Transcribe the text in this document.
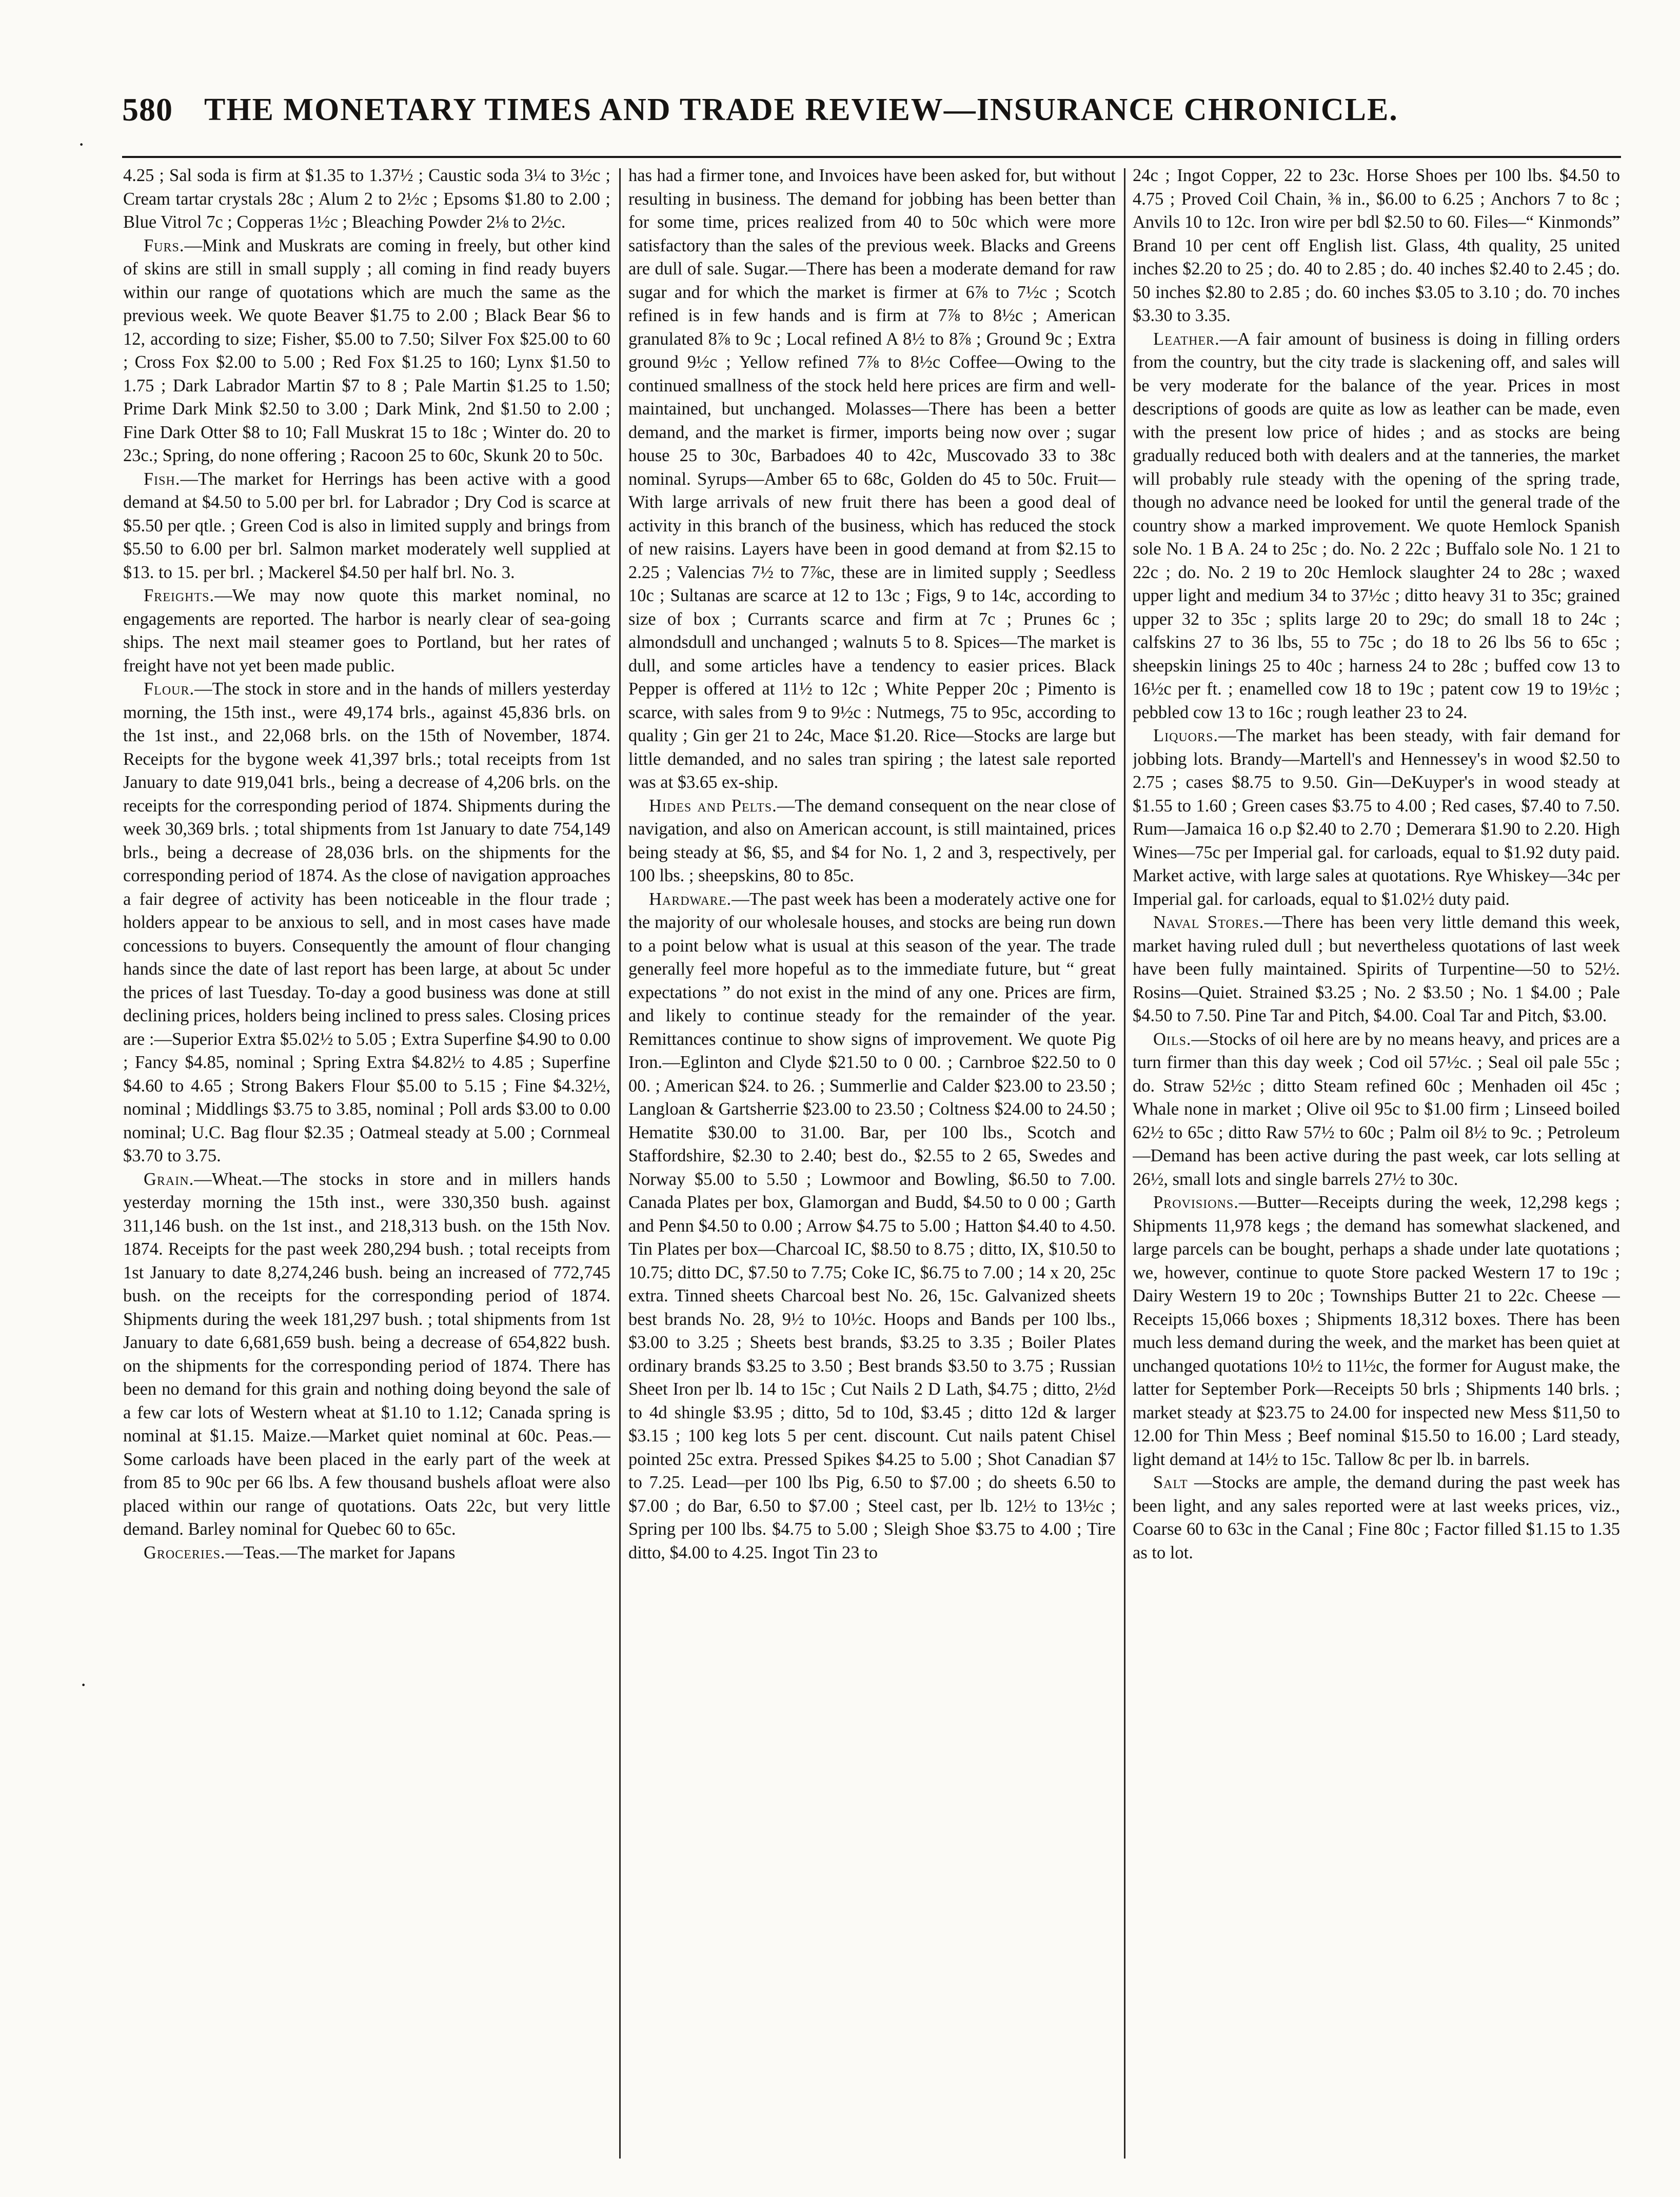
580 THE MONETARY TIMES AND TRADE REVIEW—INSURANCE CHRONICLE.
·
·

4.25 ; Sal soda is firm at $1.35 to 1.37½ ; Caustic soda 3¼ to 3½c ; Cream tartar crystals 28c ; Alum 2 to 2½c ; Epsoms $1.80 to 2.00 ; Blue Vitrol 7c ; Copperas 1½c ; Bleaching Powder 2⅛ to 2½c.

Furs.—Mink and Muskrats are coming in freely, but other kind of skins are still in small supply ; all coming in find ready buyers within our range of quotations which are much the same as the previous week. We quote Beaver $1.75 to 2.00 ; Black Bear $6 to 12, according to size; Fisher, $5.00 to 7.50; Silver Fox $25.00 to 60 ; Cross Fox $2.00 to 5.00 ; Red Fox $1.25 to 160; Lynx $1.50 to 1.75 ; Dark Labrador Martin $7 to 8 ; Pale Martin $1.25 to 1.50; Prime Dark Mink $2.50 to 3.00 ; Dark Mink, 2nd $1.50 to 2.00 ; Fine Dark Otter $8 to 10; Fall Muskrat 15 to 18c ; Winter do. 20 to 23c.; Spring, do none offering ; Racoon 25 to 60c, Skunk 20 to 50c.

Fish.—The market for Herrings has been active with a good demand at $4.50 to 5.00 per brl. for Labrador ; Dry Cod is scarce at $5.50 per qtle. ; Green Cod is also in limited supply and brings from $5.50 to 6.00 per brl. Salmon market moderately well supplied at $13. to 15. per brl. ; Mackerel $4.50 per half brl. No. 3.

Freights.—We may now quote this market nominal, no engagements are reported. The harbor is nearly clear of sea-going ships. The next mail steamer goes to Portland, but her rates of freight have not yet been made public.

Flour.—The stock in store and in the hands of millers yesterday morning, the 15th inst., were 49,174 brls., against 45,836 brls. on the 1st inst., and 22,068 brls. on the 15th of November, 1874. Receipts for the bygone week 41,397 brls.; total receipts from 1st January to date 919,041 brls., being a decrease of 4,206 brls. on the receipts for the corresponding period of 1874. Shipments during the week 30,369 brls. ; total shipments from 1st January to date 754,149 brls., being a decrease of 28,036 brls. on the shipments for the corresponding period of 1874. As the close of navigation approaches a fair degree of activity has been noticeable in the flour trade ; holders appear to be anxious to sell, and in most cases have made concessions to buyers. Consequently the amount of flour changing hands since the date of last report has been large, at about 5c under the prices of last Tuesday. To-day a good business was done at still declining prices, holders being inclined to press sales. Closing prices are :—Superior Extra $5.02½ to 5.05 ; Extra Superfine $4.90 to 0.00 ; Fancy $4.85, nominal ; Spring Extra $4.82½ to 4.85 ; Superfine $4.60 to 4.65 ; Strong Bakers Flour $5.00 to 5.15 ; Fine $4.32½, nominal ; Middlings $3.75 to 3.85, nominal ; Poll ards $3.00 to 0.00 nominal; U.C. Bag flour $2.35 ; Oatmeal steady at 5.00 ; Cornmeal $3.70 to 3.75.

Grain.—Wheat.—The stocks in store and in millers hands yesterday morning the 15th inst., were 330,350 bush. against 311,146 bush. on the 1st inst., and 218,313 bush. on the 15th Nov. 1874. Receipts for the past week 280,294 bush. ; total receipts from 1st January to date 8,274,246 bush. being an increased of 772,745 bush. on the receipts for the corresponding period of 1874. Shipments during the week 181,297 bush. ; total shipments from 1st January to date 6,681,659 bush. being a decrease of 654,822 bush. on the shipments for the corresponding period of 1874. There has been no demand for this grain and nothing doing beyond the sale of a few car lots of Western wheat at $1.10 to 1.12; Canada spring is nominal at $1.15. Maize.—Market quiet nominal at 60c. Peas.—Some carloads have been placed in the early part of the week at from 85 to 90c per 66 lbs. A few thousand bushels afloat were also placed within our range of quotations. Oats 22c, but very little demand. Barley nominal for Quebec 60 to 65c.

Groceries.—Teas.—The market for Japans

has had a firmer tone, and Invoices have been asked for, but without resulting in business. The demand for jobbing has been better than for some time, prices realized from 40 to 50c which were more satisfactory than the sales of the previous week. Blacks and Greens are dull of sale. Sugar.—There has been a moderate demand for raw sugar and for which the market is firmer at 6⅞ to 7½c ; Scotch refined is in few hands and is firm at 7⅞ to 8½c ; American granulated 8⅞ to 9c ; Local refined A 8½ to 8⅞ ; Ground 9c ; Extra ground 9½c ; Yellow refined 7⅞ to 8½c Coffee—Owing to the continued smallness of the stock held here prices are firm and well-maintained, but unchanged. Molasses—There has been a better demand, and the market is firmer, imports being now over ; sugar house 25 to 30c, Barbadoes 40 to 42c, Muscovado 33 to 38c nominal. Syrups—Amber 65 to 68c, Golden do 45 to 50c. Fruit—With large arrivals of new fruit there has been a good deal of activity in this branch of the business, which has reduced the stock of new raisins. Layers have been in good demand at from $2.15 to 2.25 ; Valencias 7½ to 7⅞c, these are in limited supply ; Seedless 10c ; Sultanas are scarce at 12 to 13c ; Figs, 9 to 14c, according to size of box ; Currants scarce and firm at 7c ; Prunes 6c ; almondsdull and unchanged ; walnuts 5 to 8. Spices—The market is dull, and some articles have a tendency to easier prices. Black Pepper is offered at 11½ to 12c ; White Pepper 20c ; Pimento is scarce, with sales from 9 to 9½c : Nutmegs, 75 to 95c, according to quality ; Gin ger 21 to 24c, Mace $1.20. Rice—Stocks are large but little demanded, and no sales tran spiring ; the latest sale reported was at $3.65 ex-ship.

Hides and Pelts.—The demand consequent on the near close of navigation, and also on American account, is still maintained, prices being steady at $6, $5, and $4 for No. 1, 2 and 3, respectively, per 100 lbs. ; sheepskins, 80 to 85c.

Hardware.—The past week has been a moderately active one for the majority of our wholesale houses, and stocks are being run down to a point below what is usual at this season of the year. The trade generally feel more hopeful as to the immediate future, but “ great expectations ” do not exist in the mind of any one. Prices are firm, and likely to continue steady for the remainder of the year. Remittances continue to show signs of improvement. We quote Pig Iron.—Eglinton and Clyde $21.50 to 0 00. ; Carnbroe $22.50 to 0 00. ; American $24. to 26. ; Summerlie and Calder $23.00 to 23.50 ; Langloan & Gartsherrie $23.00 to 23.50 ; Coltness $24.00 to 24.50 ; Hematite $30.00 to 31.00. Bar, per 100 lbs., Scotch and Staffordshire, $2.30 to 2.40; best do., $2.55 to 2 65, Swedes and Norway $5.00 to 5.50 ; Lowmoor and Bowling, $6.50 to 7.00. Canada Plates per box, Glamorgan and Budd, $4.50 to 0 00 ; Garth and Penn $4.50 to 0.00 ; Arrow $4.75 to 5.00 ; Hatton $4.40 to 4.50. Tin Plates per box—Charcoal IC, $8.50 to 8.75 ; ditto, IX, $10.50 to 10.75; ditto DC, $7.50 to 7.75; Coke IC, $6.75 to 7.00 ; 14 x 20, 25c extra. Tinned sheets Charcoal best No. 26, 15c. Galvanized sheets best brands No. 28, 9½ to 10½c. Hoops and Bands per 100 lbs., $3.00 to 3.25 ; Sheets best brands, $3.25 to 3.35 ; Boiler Plates ordinary brands $3.25 to 3.50 ; Best brands $3.50 to 3.75 ; Russian Sheet Iron per lb. 14 to 15c ; Cut Nails 2 D Lath, $4.75 ; ditto, 2½d to 4d shingle $3.95 ; ditto, 5d to 10d, $3.45 ; ditto 12d & larger $3.15 ; 100 keg lots 5 per cent. discount. Cut nails patent Chisel pointed 25c extra. Pressed Spikes $4.25 to 5.00 ; Shot Canadian $7 to 7.25. Lead—per 100 lbs Pig, 6.50 to $7.00 ; do sheets 6.50 to $7.00 ; do Bar, 6.50 to $7.00 ; Steel cast, per lb. 12½ to 13½c ; Spring per 100 lbs. $4.75 to 5.00 ; Sleigh Shoe $3.75 to 4.00 ; Tire ditto, $4.00 to 4.25. Ingot Tin 23 to

24c ; Ingot Copper, 22 to 23c. Horse Shoes per 100 lbs. $4.50 to 4.75 ; Proved Coil Chain, ⅜ in., $6.00 to 6.25 ; Anchors 7 to 8c ; Anvils 10 to 12c. Iron wire per bdl $2.50 to 60. Files—“ Kinmonds” Brand 10 per cent off English list. Glass, 4th quality, 25 united inches $2.20 to 25 ; do. 40 to 2.85 ; do. 40 inches $2.40 to 2.45 ; do. 50 inches $2.80 to 2.85 ; do. 60 inches $3.05 to 3.10 ; do. 70 inches $3.30 to 3.35.

Leather.—A fair amount of business is doing in filling orders from the country, but the city trade is slackening off, and sales will be very moderate for the balance of the year. Prices in most descriptions of goods are quite as low as leather can be made, even with the present low price of hides ; and as stocks are being gradually reduced both with dealers and at the tanneries, the market will probably rule steady with the opening of the spring trade, though no advance need be looked for until the general trade of the country show a marked improvement. We quote Hemlock Spanish sole No. 1 B A. 24 to 25c ; do. No. 2 22c ; Buffalo sole No. 1 21 to 22c ; do. No. 2 19 to 20c Hemlock slaughter 24 to 28c ; waxed upper light and medium 34 to 37½c ; ditto heavy 31 to 35c; grained upper 32 to 35c ; splits large 20 to 29c; do small 18 to 24c ; calfskins 27 to 36 lbs, 55 to 75c ; do 18 to 26 lbs 56 to 65c ; sheepskin linings 25 to 40c ; harness 24 to 28c ; buffed cow 13 to 16½c per ft. ; enamelled cow 18 to 19c ; patent cow 19 to 19½c ; pebbled cow 13 to 16c ; rough leather 23 to 24.

Liquors.—The market has been steady, with fair demand for jobbing lots. Brandy—Martell's and Hennessey's in wood $2.50 to 2.75 ; cases $8.75 to 9.50. Gin—DeKuyper's in wood steady at $1.55 to 1.60 ; Green cases $3.75 to 4.00 ; Red cases, $7.40 to 7.50. Rum—Jamaica 16 o.p $2.40 to 2.70 ; Demerara $1.90 to 2.20. High Wines—75c per Imperial gal. for carloads, equal to $1.92 duty paid. Market active, with large sales at quotations. Rye Whiskey—34c per Imperial gal. for carloads, equal to $1.02½ duty paid.

Naval Stores.—There has been very little demand this week, market having ruled dull ; but nevertheless quotations of last week have been fully maintained. Spirits of Turpentine—50 to 52½. Rosins—Quiet. Strained $3.25 ; No. 2 $3.50 ; No. 1 $4.00 ; Pale $4.50 to 7.50. Pine Tar and Pitch, $4.00. Coal Tar and Pitch, $3.00.

Oils.—Stocks of oil here are by no means heavy, and prices are a turn firmer than this day week ; Cod oil 57½c. ; Seal oil pale 55c ; do. Straw 52½c ; ditto Steam refined 60c ; Menhaden oil 45c ; Whale none in market ; Olive oil 95c to $1.00 firm ; Linseed boiled 62½ to 65c ; ditto Raw 57½ to 60c ; Palm oil 8½ to 9c. ; Petroleum—Demand has been active during the past week, car lots selling at 26½, small lots and single barrels 27½ to 30c.

Provisions.—Butter—Receipts during the week, 12,298 kegs ; Shipments 11,978 kegs ; the demand has somewhat slackened, and large parcels can be bought, perhaps a shade under late quotations ; we, however, continue to quote Store packed Western 17 to 19c ; Dairy Western 19 to 20c ; Townships Butter 21 to 22c. Cheese —Receipts 15,066 boxes ; Shipments 18,312 boxes. There has been much less demand during the week, and the market has been quiet at unchanged quotations 10½ to 11½c, the former for August make, the latter for September Pork—Receipts 50 brls ; Shipments 140 brls. ; market steady at $23.75 to 24.00 for inspected new Mess $11,50 to 12.00 for Thin Mess ; Beef nominal $15.50 to 16.00 ; Lard steady, light demand at 14½ to 15c. Tallow 8c per lb. in barrels.

Salt —Stocks are ample, the demand during the past week has been light, and any sales reported were at last weeks prices, viz., Coarse 60 to 63c in the Canal ; Fine 80c ; Factor filled $1.15 to 1.35 as to lot.
